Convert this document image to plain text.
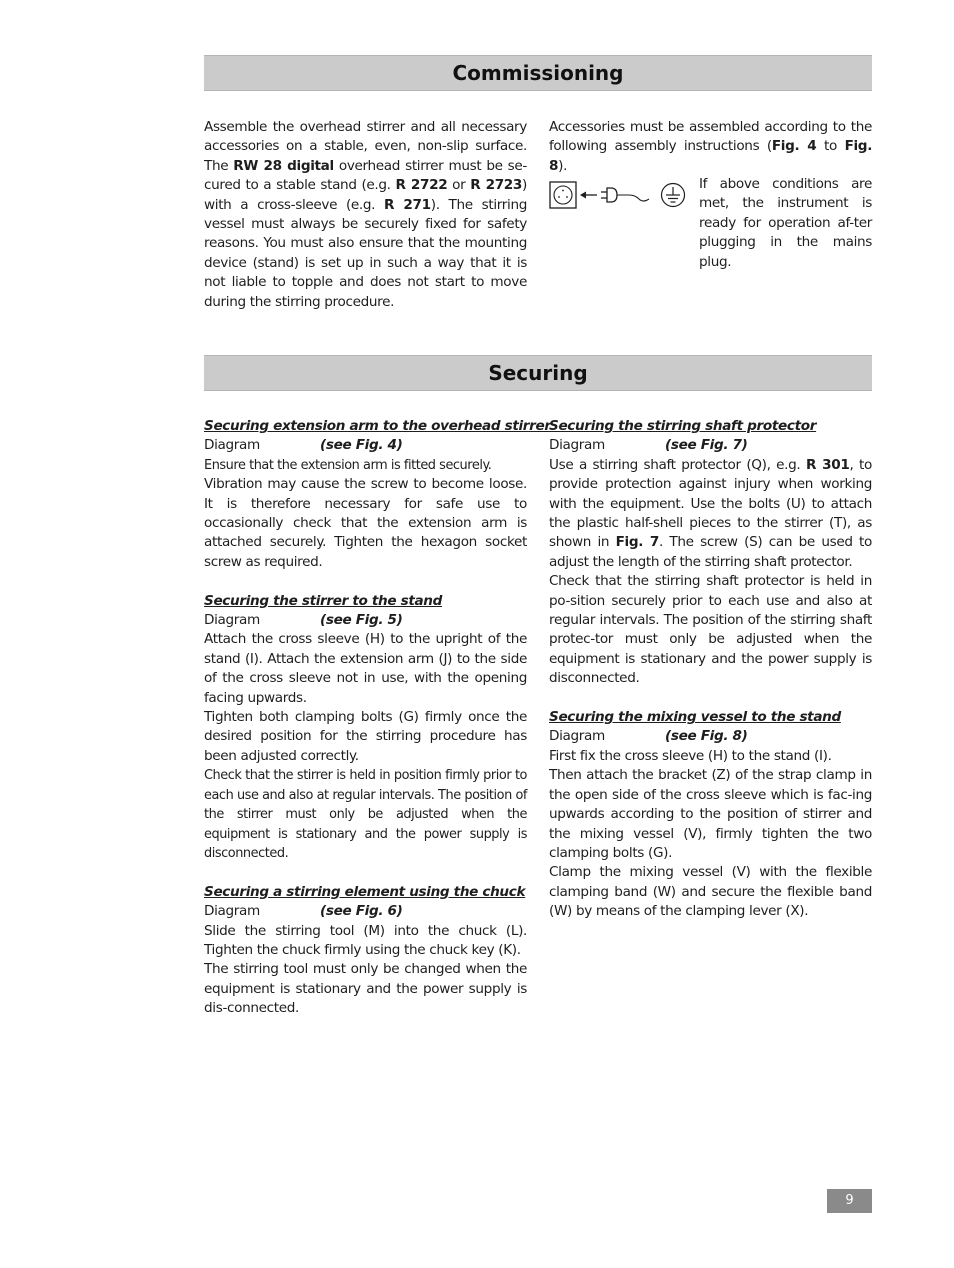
Commissioning

Assemble the overhead stirrer and all necessary accessories on a stable, even, non-slip surface. The RW 28 digital overhead stirrer must be se-cured to a stable stand (e.g. R 2722 or R 2723) with a cross-sleeve (e.g. R 271). The stirring vessel must always be securely fixed for safety reasons. You must also ensure that the mounting device (stand) is set up in such a way that it is not liable to topple and does not start to move during the stirring procedure.

Accessories must be assembled according to the following assembly instructions (Fig. 4 to Fig. 8).

If above conditions are met, the instrument is ready for operation af-ter plugging in the mains plug.
Securing

Securing extension arm to the overhead stirrer

Diagram	(see Fig. 4)

Ensure that the extension arm is fitted securely.

Vibration may cause the screw to become loose. It is therefore necessary for safe use to occasionally check that the extension arm is attached securely. Tighten the hexagon socket screw as required.

Securing the stirrer to the stand

Diagram	(see Fig. 5)

Attach the cross sleeve (H) to the upright of the stand (I). Attach the extension arm (J) to the side of the cross sleeve not in use, with the opening facing upwards.

Tighten both clamping bolts (G) firmly once the desired position for the stirring procedure has been adjusted correctly.

Check that the stirrer is held in position firmly prior to each use and also at regular intervals. The position of the stirrer must only be adjusted when the equipment is stationary and the power supply is disconnected.

Securing a stirring element using the chuck

Diagram	(see Fig. 6)

Slide the stirring tool (M) into the chuck (L). Tighten the chuck firmly using the chuck key (K).

The stirring tool must only be changed when the equipment is stationary and the power supply is dis-connected.

Securing the stirring shaft protector

Diagram	(see Fig. 7)

Use a stirring shaft protector (Q), e.g. R 301, to provide protection against injury when working with the equipment. Use the bolts (U) to attach the plastic half-shell pieces to the stirrer (T), as shown in Fig. 7. The screw (S) can be used to adjust the length of the stirring shaft protector.

Check that the stirring shaft protector is held in po-sition securely prior to each use and also at regular intervals. The position of the stirring shaft protec-tor must only be adjusted when the equipment is stationary and the power supply is disconnected.

Securing the mixing vessel to the stand

Diagram	(see Fig. 8)

First fix the cross sleeve (H) to the stand (I).

Then attach the bracket (Z) of the strap clamp in the open side of the cross sleeve which is fac-ing upwards according to the position of stirrer and the mixing vessel (V), firmly tighten the two clamping bolts (G).

Clamp the mixing vessel (V) with the flexible clamping band (W) and secure the flexible band (W) by means of the clamping lever (X).

9
